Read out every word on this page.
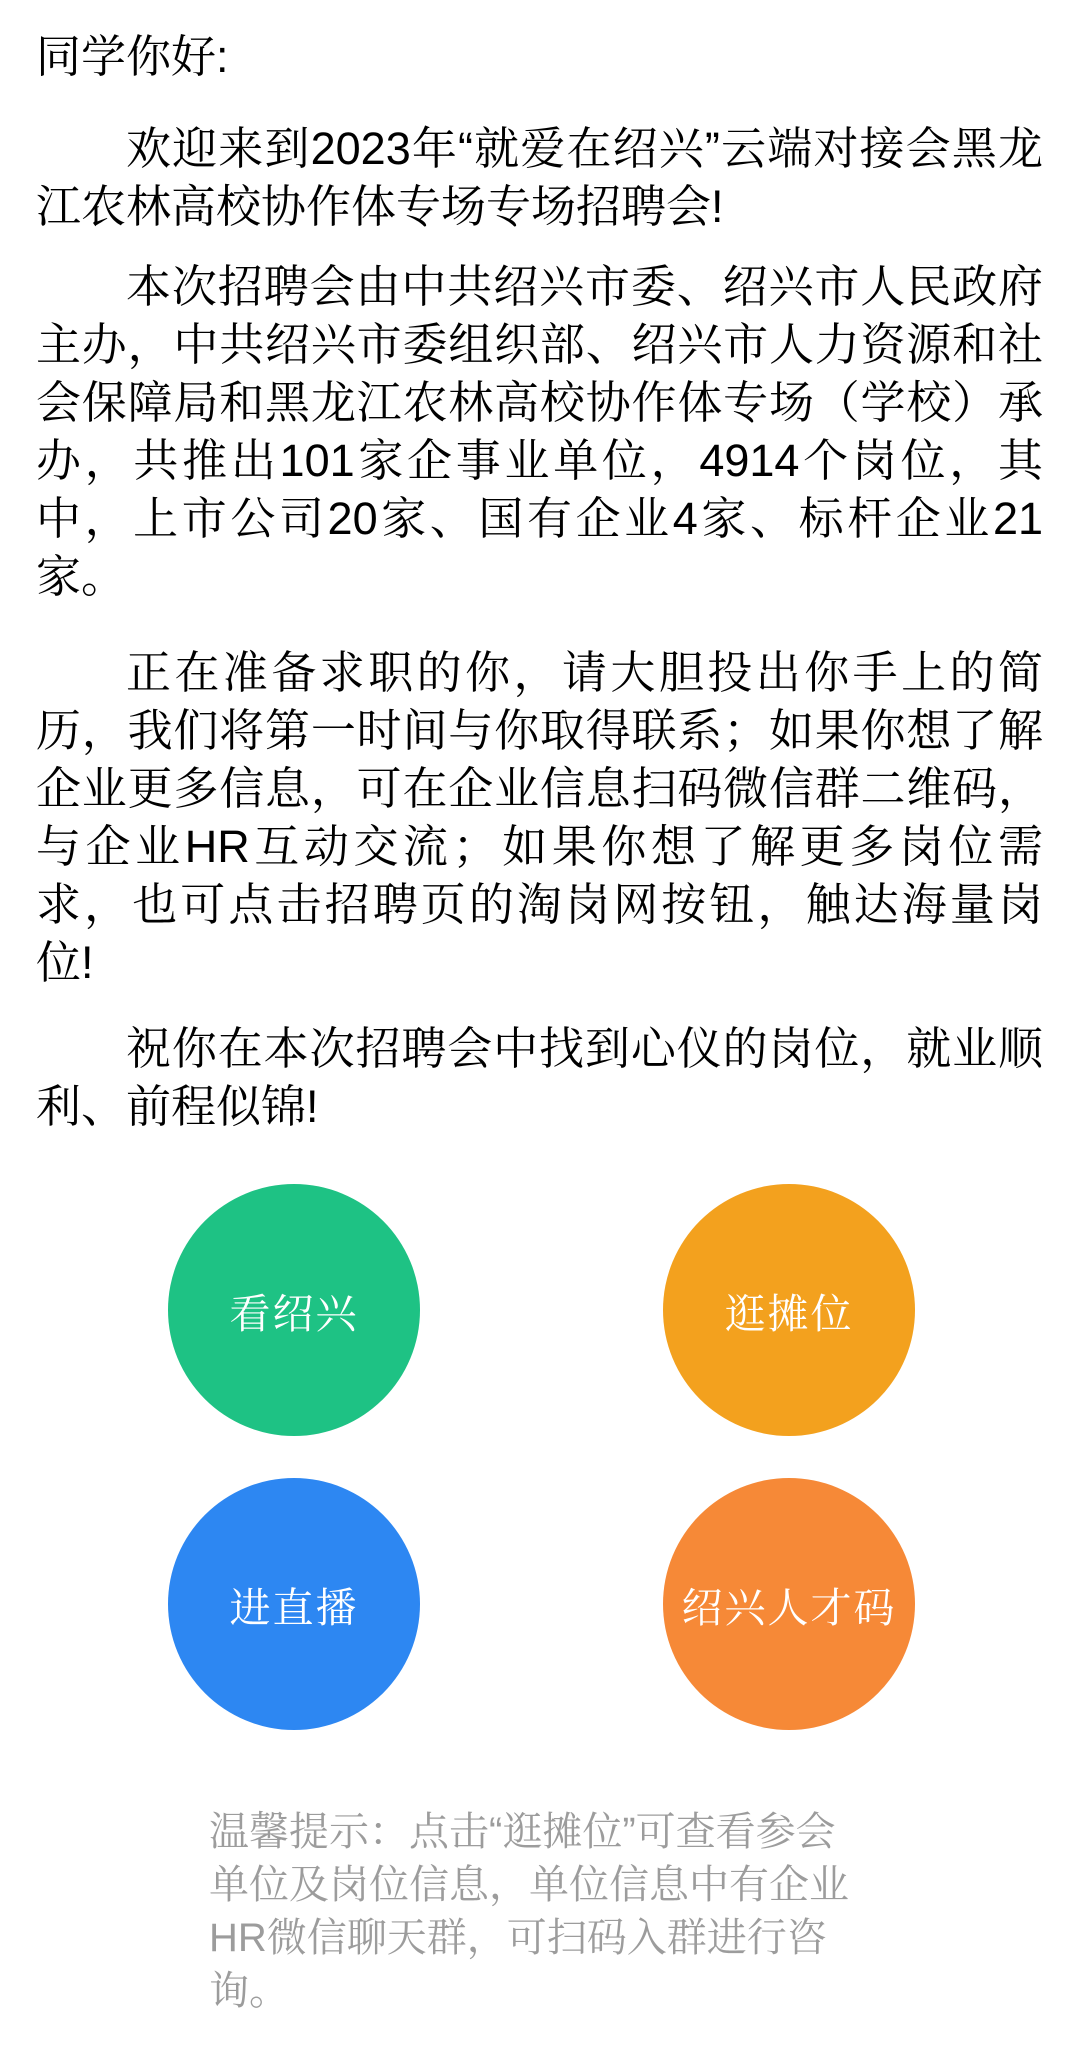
同学你好:
欢迎来到2023年“就爱在绍兴”云端对接会黑龙
江农林高校协作体专场专场招聘会!
本次招聘会由中共绍兴市委、绍兴市人民政府
主办，中共绍兴市委组织部、绍兴市人力资源和社
会保障局和黑龙江农林高校协作体专场（学校）承
办，共推出101家企事业单位，4914个岗位，其
中，上市公司20家、国有企业4家、标杆企业21
家。
正在准备求职的你，请大胆投出你手上的简
历，我们将第一时间与你取得联系；如果你想了解
企业更多信息，可在企业信息扫码微信群二维码，
与企业HR互动交流；如果你想了解更多岗位需
求，也可点击招聘页的淘岗网按钮，触达海量岗
位!
祝你在本次招聘会中找到心仪的岗位，就业顺
利、前程似锦!
看绍兴	逛摊位
进直播	绍兴人才码
温馨提示：点击“逛摊位”可查看参会
单位及岗位信息，单位信息中有企业
HR微信聊天群，可扫码入群进行咨
询。
